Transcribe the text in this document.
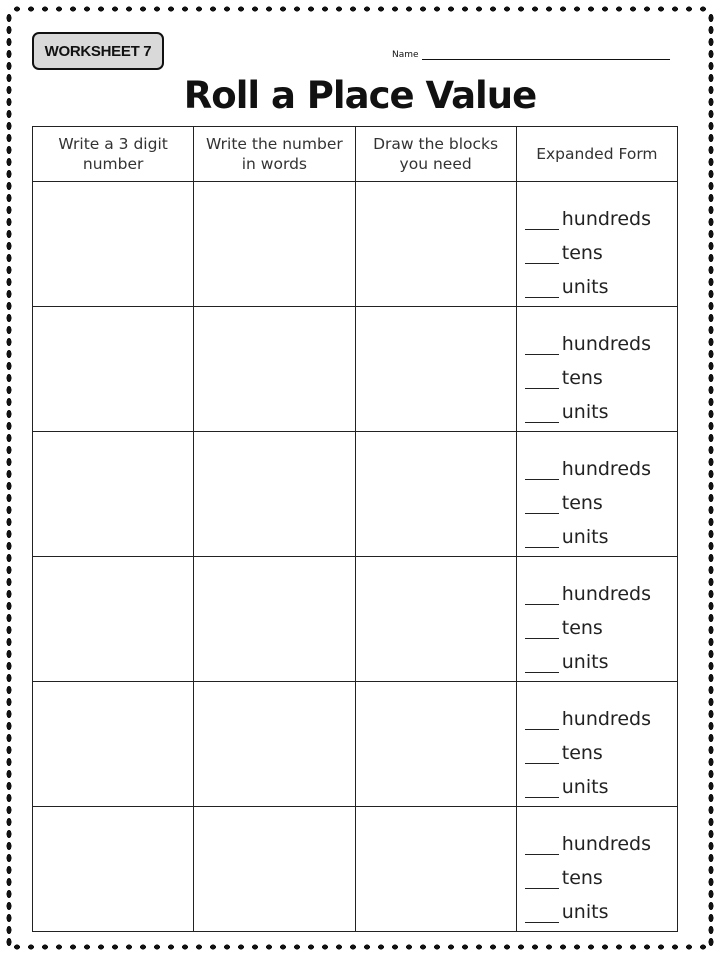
WORKSHEET 7	Name
Roll a Place Value
Write a 3 digit number	Write the number in words	Draw the blocks you need	Expanded Form

			hundreds
tens
units

			hundreds
tens
units

			hundreds
tens
units

			hundreds
tens
units

			hundreds
tens
units

			hundreds
tens
units
